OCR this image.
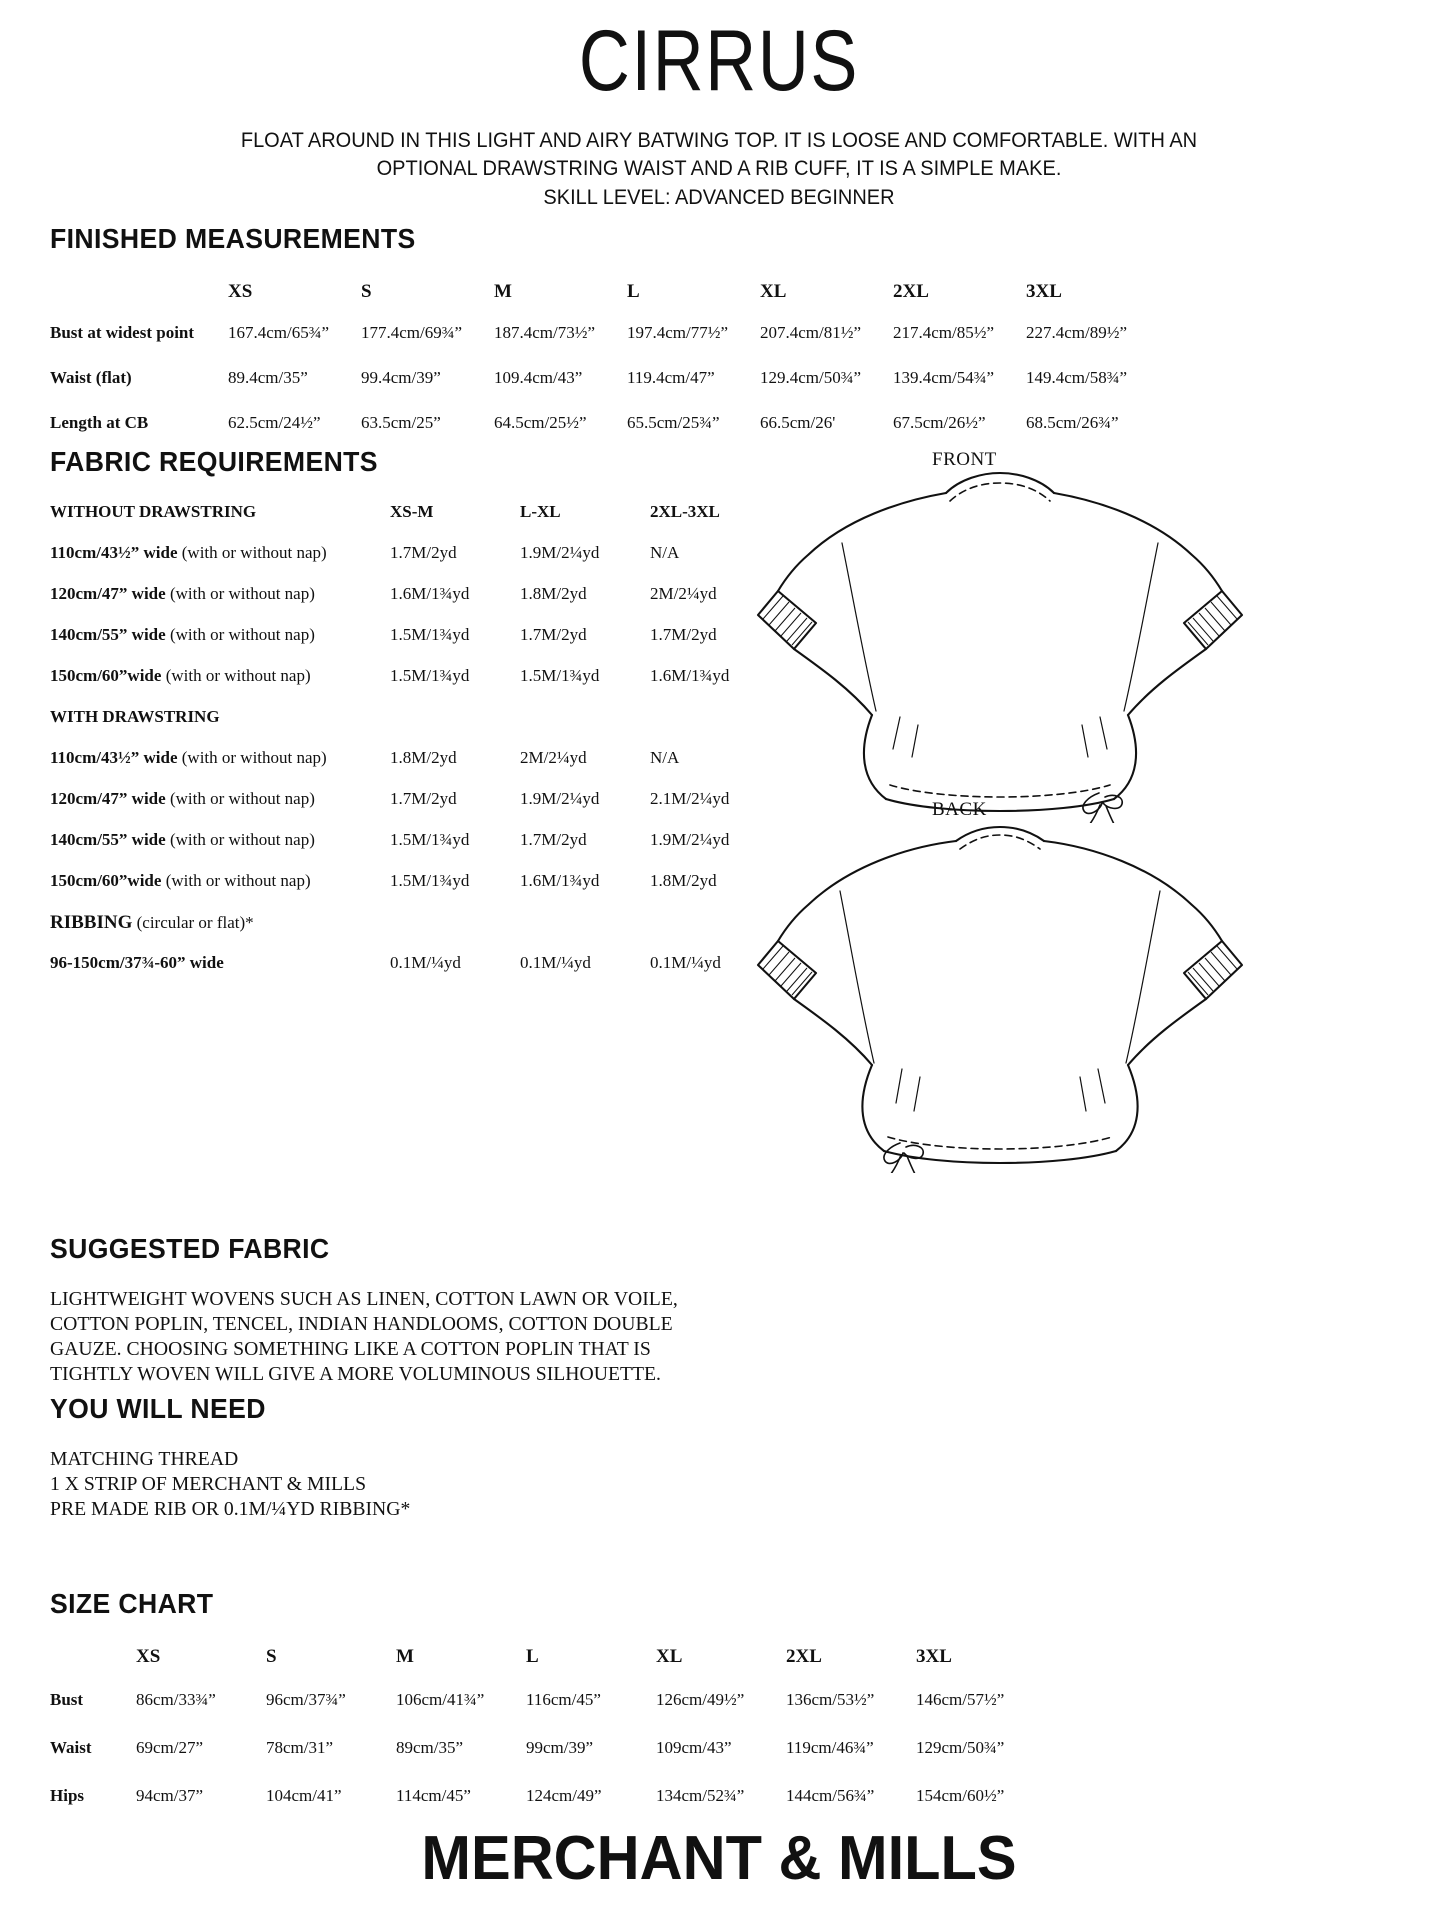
CIRRUS
FLOAT AROUND IN THIS LIGHT AND AIRY BATWING TOP. IT IS LOOSE AND COMFORTABLE. WITH AN
OPTIONAL DRAWSTRING WAIST AND A RIB CUFF, IT IS A SIMPLE MAKE.
SKILL LEVEL: ADVANCED BEGINNER
FINISHED MEASUREMENTS
	XS	S	M	L	XL	2XL	3XL
Bust at widest point	167.4cm/65¾”	177.4cm/69¾”	187.4cm/73½”	197.4cm/77½”	207.4cm/81½”	217.4cm/85½”	227.4cm/89½”
Waist (flat)	89.4cm/35”	99.4cm/39”	109.4cm/43”	119.4cm/47”	129.4cm/50¾”	139.4cm/54¾”	149.4cm/58¾”
Length at CB	62.5cm/24½”	63.5cm/25”	64.5cm/25½”	65.5cm/25¾”	66.5cm/26'	67.5cm/26½”	68.5cm/26¾”
FABRIC REQUIREMENTS
WITHOUT DRAWSTRING	XS-M	L-XL	2XL-3XL
110cm/43½” wide (with or without nap)	1.7M/2yd	1.9M/2¼yd	N/A
120cm/47” wide (with or without nap)	1.6M/1¾yd	1.8M/2yd	2M/2¼yd
140cm/55” wide (with or without nap)	1.5M/1¾yd	1.7M/2yd	1.7M/2yd
150cm/60”wide (with or without nap)	1.5M/1¾yd	1.5M/1¾yd	1.6M/1¾yd
WITH DRAWSTRING			
110cm/43½” wide (with or without nap)	1.8M/2yd	2M/2¼yd	N/A
120cm/47” wide (with or without nap)	1.7M/2yd	1.9M/2¼yd	2.1M/2¼yd
140cm/55” wide (with or without nap)	1.5M/1¾yd	1.7M/2yd	1.9M/2¼yd
150cm/60”wide (with or without nap)	1.5M/1¾yd	1.6M/1¾yd	1.8M/2yd
RIBBING (circular or flat)*			
96-150cm/37¾-60” wide	0.1M/¼yd	0.1M/¼yd	0.1M/¼yd
SUGGESTED FABRIC
LIGHTWEIGHT WOVENS SUCH AS LINEN, COTTON LAWN OR VOILE,
COTTON POPLIN, TENCEL, INDIAN HANDLOOMS, COTTON DOUBLE
GAUZE. CHOOSING SOMETHING LIKE A COTTON POPLIN THAT IS
TIGHTLY WOVEN WILL GIVE A MORE VOLUMINOUS SILHOUETTE.
YOU WILL NEED
MATCHING THREAD
1 X STRIP OF MERCHANT & MILLS
PRE MADE RIB OR 0.1M/¼YD RIBBING*
SIZE CHART
	XS	S	M	L	XL	2XL	3XL
Bust	86cm/33¾”	96cm/37¾”	106cm/41¾”	116cm/45”	126cm/49½”	136cm/53½”	146cm/57½”
Waist	69cm/27”	78cm/31”	89cm/35”	99cm/39”	109cm/43”	119cm/46¾”	129cm/50¾”
Hips	94cm/37”	104cm/41”	114cm/45”	124cm/49”	134cm/52¾”	144cm/56¾”	154cm/60½”
FRONT
BACK
MERCHANT & MILLS
